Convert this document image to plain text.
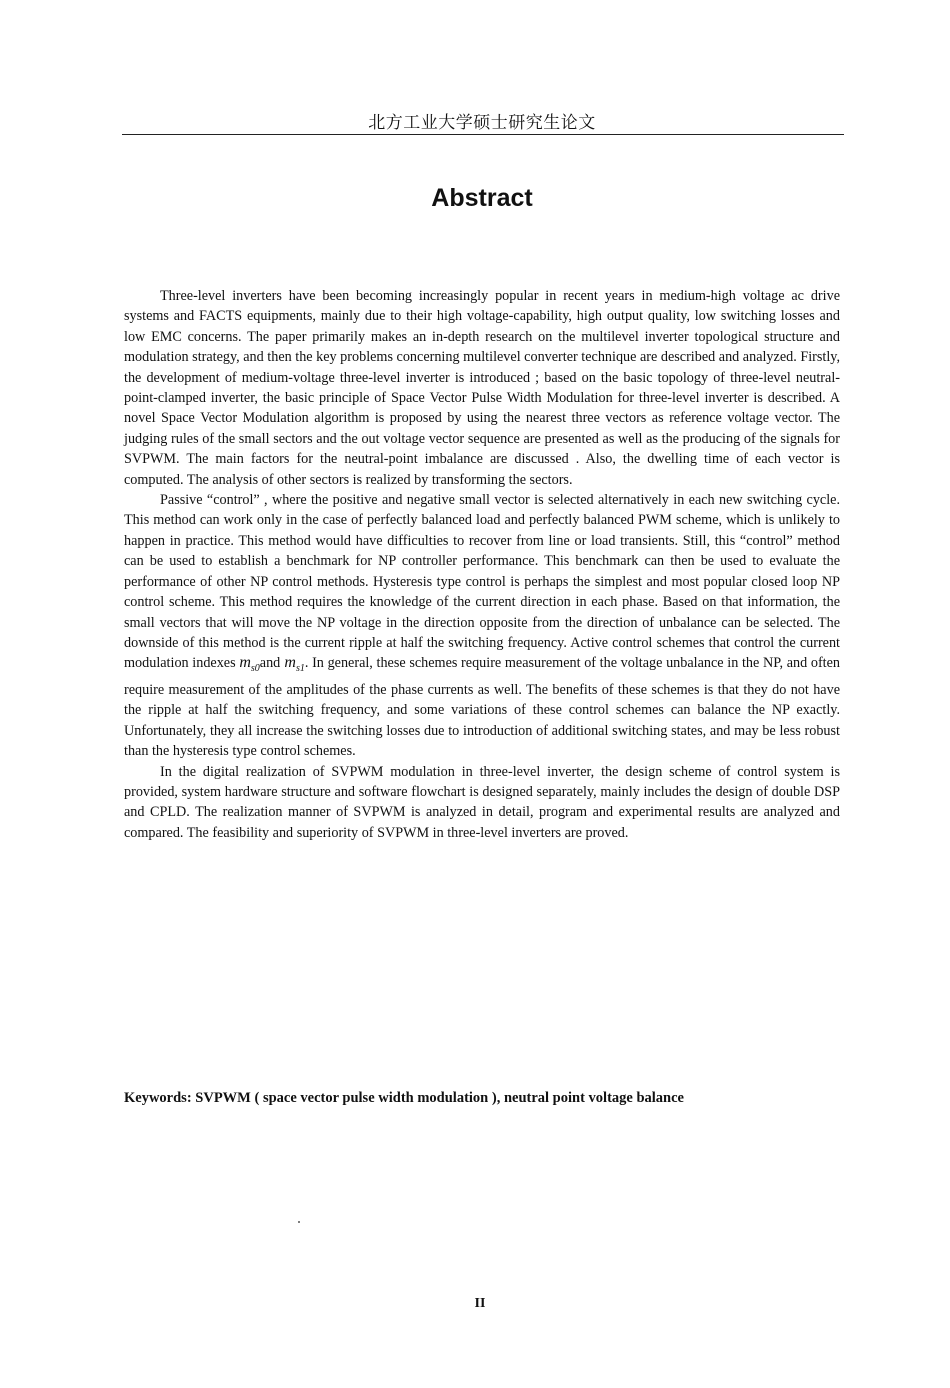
北方工业大学硕士研究生论文
Abstract

Three-level inverters have been becoming increasingly popular in recent years in medium-high voltage ac drive systems and FACTS equipments, mainly due to their high voltage-capability, high output quality, low switching losses and low EMC concerns. The paper primarily makes an in-depth research on the multilevel inverter topological structure and modulation strategy, and then the key problems concerning multilevel converter technique are described and analyzed. Firstly, the development of medium-voltage three-level inverter is introduced ; based on the basic topology of three-level neutral-point-clamped inverter, the basic principle of Space Vector Pulse Width Modulation for three-level inverter is described. A novel Space Vector Modulation algorithm is proposed by using the nearest three vectors as reference voltage vector. The judging rules of the small sectors and the out voltage vector sequence are presented as well as the producing of the signals for SVPWM. The main factors for the neutral-point imbalance are discussed . Also, the dwelling time of each vector is computed. The analysis of other sectors is realized by transforming the sectors.

Passive “control” , where the positive and negative small vector is selected alternatively in each new switching cycle. This method can work only in the case of perfectly balanced load and perfectly balanced PWM scheme, which is unlikely to happen in practice. This method would have difficulties to recover from line or load transients. Still, this “control” method can be used to establish a benchmark for NP controller performance. This benchmark can then be used to evaluate the performance of other NP control methods. Hysteresis type control is perhaps the simplest and most popular closed loop NP control scheme. This method requires the knowledge of the current direction in each phase. Based on that information, the small vectors that will move the NP voltage in the direction opposite from the direction of unbalance can be selected. The downside of this method is the current ripple at half the switching frequency. Active control schemes that control the current modulation indexes $m_{s0}and$ $m_{s1}$. In general, these schemes require measurement of the voltage unbalance in the NP, and often require measurement of the amplitudes of the phase currents as well. The benefits of these schemes is that they do not have the ripple at half the switching frequency, and some variations of these control schemes can balance the NP exactly. Unfortunately, they all increase the switching losses due to introduction of additional switching states, and may be less robust than the hysteresis type control schemes.

In the digital realization of SVPWM modulation in three-level inverter, the design scheme of control system is provided, system hardware structure and software flowchart is designed separately, mainly includes the design of double DSP and CPLD. The realization manner of SVPWM is analyzed in detail, program and experimental results are analyzed and compared. The feasibility and superiority of SVPWM in three-level inverters are proved.

Keywords: SVPWM ( space vector pulse width modulation ), neutral point voltage balance
II
